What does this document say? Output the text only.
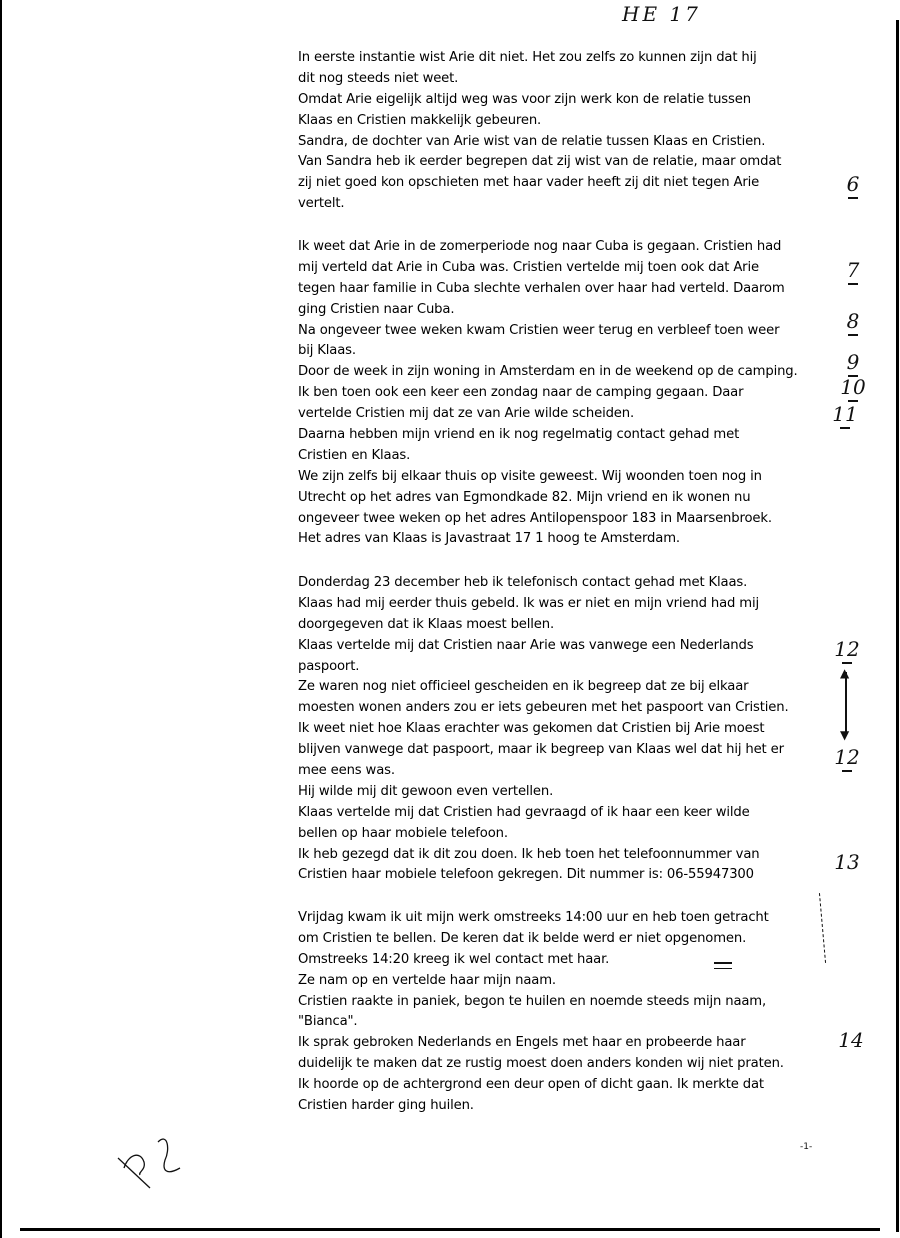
HE 17
In eerste instantie wist Arie dit niet. Het zou zelfs zo kunnen zijn dat hij
dit nog steeds niet weet.
Omdat Arie eigelijk altijd weg was voor zijn werk kon de relatie tussen
Klaas en Cristien makkelijk gebeuren.
Sandra, de dochter van Arie wist van de relatie tussen Klaas en Cristien.
Van Sandra heb ik eerder begrepen dat zij wist van de relatie, maar omdat
zij niet goed kon opschieten met haar vader heeft zij dit niet tegen Arie
vertelt.
Ik weet dat Arie in de zomerperiode nog naar Cuba is gegaan. Cristien had
mij verteld dat Arie in Cuba was. Cristien vertelde mij toen ook dat Arie
tegen haar familie in Cuba slechte verhalen over haar had verteld. Daarom
ging Cristien naar Cuba.
Na ongeveer twee weken kwam Cristien weer terug en verbleef toen weer
bij Klaas.
Door de week in zijn woning in Amsterdam en in de weekend op de camping.
Ik ben toen ook een keer een zondag naar de camping gegaan. Daar
vertelde Cristien mij dat ze van Arie wilde scheiden.
Daarna hebben mijn vriend en ik nog regelmatig contact gehad met
Cristien en Klaas.
We zijn zelfs bij elkaar thuis op visite geweest. Wij woonden toen nog in
Utrecht op het adres van Egmondkade 82. Mijn vriend en ik wonen nu
ongeveer twee weken op het adres Antilopenspoor 183 in Maarsenbroek.
Het adres van Klaas is Javastraat 17 1 hoog te Amsterdam.
Donderdag 23 december heb ik telefonisch contact gehad met Klaas.
Klaas had mij eerder thuis gebeld. Ik was er niet en mijn vriend had mij
doorgegeven dat ik Klaas moest bellen.
Klaas vertelde mij dat Cristien naar Arie was vanwege een Nederlands
paspoort.
Ze waren nog niet officieel gescheiden en ik begreep dat ze bij elkaar
moesten wonen anders zou er iets gebeuren met het paspoort van Cristien.
Ik weet niet hoe Klaas erachter was gekomen dat Cristien bij Arie moest
blijven vanwege dat paspoort, maar ik begreep van Klaas wel dat hij het er
mee eens was.
Hij wilde mij dit gewoon even vertellen.
Klaas vertelde mij dat Cristien had gevraagd of ik haar een keer wilde
bellen op haar mobiele telefoon.
Ik heb gezegd dat ik dit zou doen. Ik heb toen het telefoonnummer van
Cristien haar mobiele telefoon gekregen. Dit nummer is: 06-55947300
Vrijdag kwam ik uit mijn werk omstreeks 14:00 uur en heb toen getracht
om Cristien te bellen. De keren dat ik belde werd er niet opgenomen.
Omstreeks 14:20 kreeg ik wel contact met haar.
Ze nam op en vertelde haar mijn naam.
Cristien raakte in paniek, begon te huilen en noemde steeds mijn naam,
"Bianca".
Ik sprak gebroken Nederlands en Engels met haar en probeerde haar
duidelijk te maken dat ze rustig moest doen anders konden wij niet praten.
Ik hoorde op de achtergrond een deur open of dicht gaan. Ik merkte dat
Cristien harder ging huilen.
6
7
8
9
10
11
12
▲
▼
12
13
14
-1-
